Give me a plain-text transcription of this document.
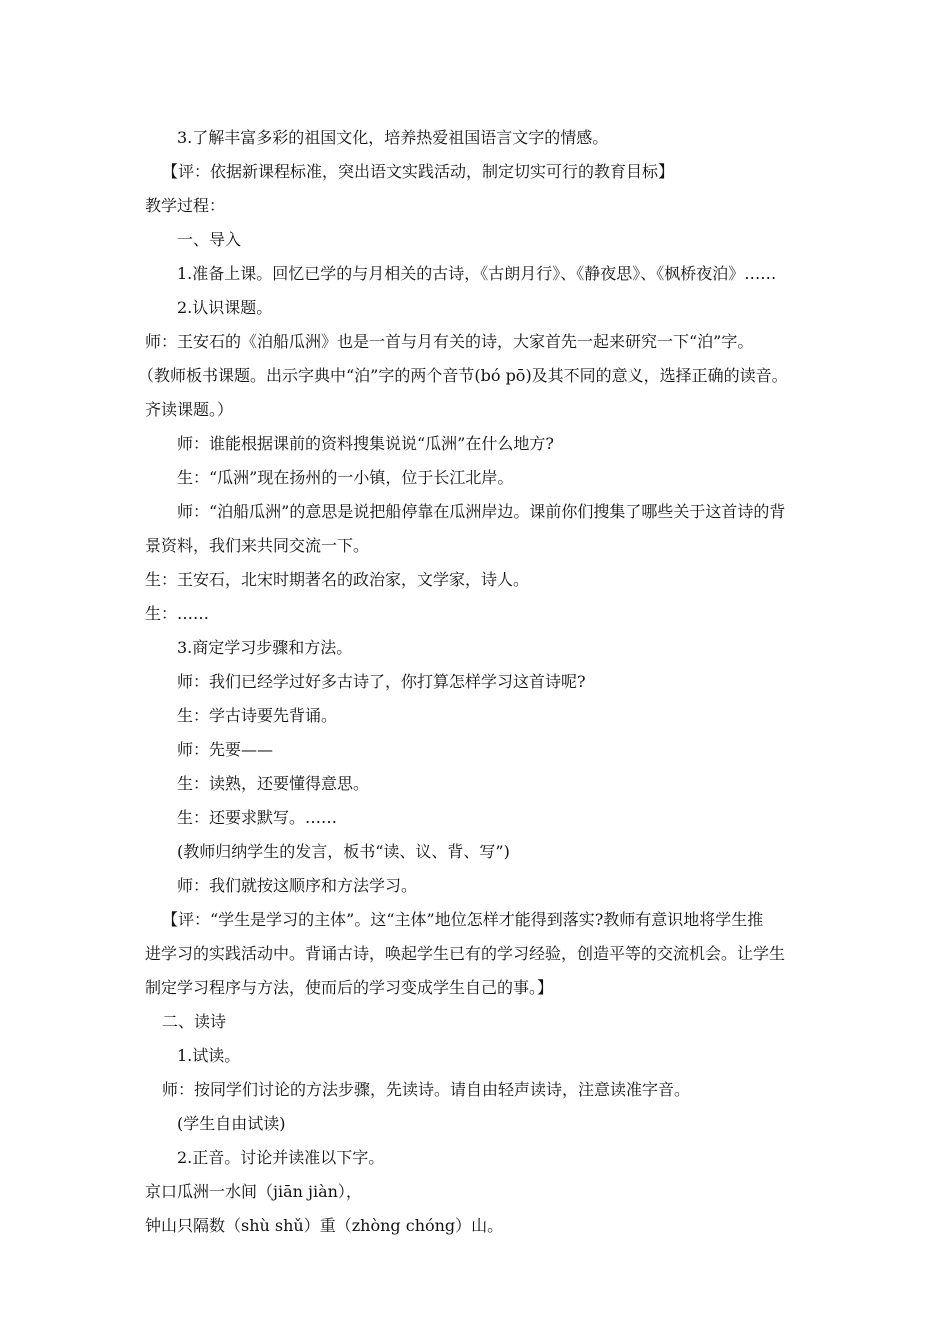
3.了解丰富多彩的祖国文化，培养热爱祖国语言文字的情感。
【评：依据新课程标准，突出语文实践活动，制定切实可行的教育目标】
教学过程：
一、导入
1.准备上课。回忆已学的与月相关的古诗，《古朗月行》、《静夜思》、《枫桥夜泊》……
2.认识课题。
师：王安石的《泊船瓜洲》也是一首与月有关的诗，大家首先一起来研究一下“泊”字。
（教师板书课题。出示字典中“泊”字的两个音节(bó pō)及其不同的意义，选择正确的读音。
齐读课题。）
师：谁能根据课前的资料搜集说说“瓜洲”在什么地方?
生：“瓜洲”现在扬州的一小镇，位于长江北岸。
师：“泊船瓜洲”的意思是说把船停靠在瓜洲岸边。课前你们搜集了哪些关于这首诗的背
景资料，我们来共同交流一下。
生：王安石，北宋时期著名的政治家，文学家，诗人。
生：……
3.商定学习步骤和方法。
师：我们已经学过好多古诗了，你打算怎样学习这首诗呢?
生：学古诗要先背诵。
师：先要——
生：读熟，还要懂得意思。
生：还要求默写。……
(教师归纳学生的发言，板书“读、议、背、写”)
师：我们就按这顺序和方法学习。
【评：“学生是学习的主体”。这“主体”地位怎样才能得到落实?教师有意识地将学生推
进学习的实践活动中。背诵古诗，唤起学生已有的学习经验，创造平等的交流机会。让学生
制定学习程序与方法，使而后的学习变成学生自己的事。】
二、读诗
1.试读。
师：按同学们讨论的方法步骤，先读诗。请自由轻声读诗，注意读准字音。
(学生自由试读)
2.正音。讨论并读准以下字。
京口瓜洲一水间（jiān jiàn），
钟山只隔数（shù shǔ）重（zhòng chóng）山。
